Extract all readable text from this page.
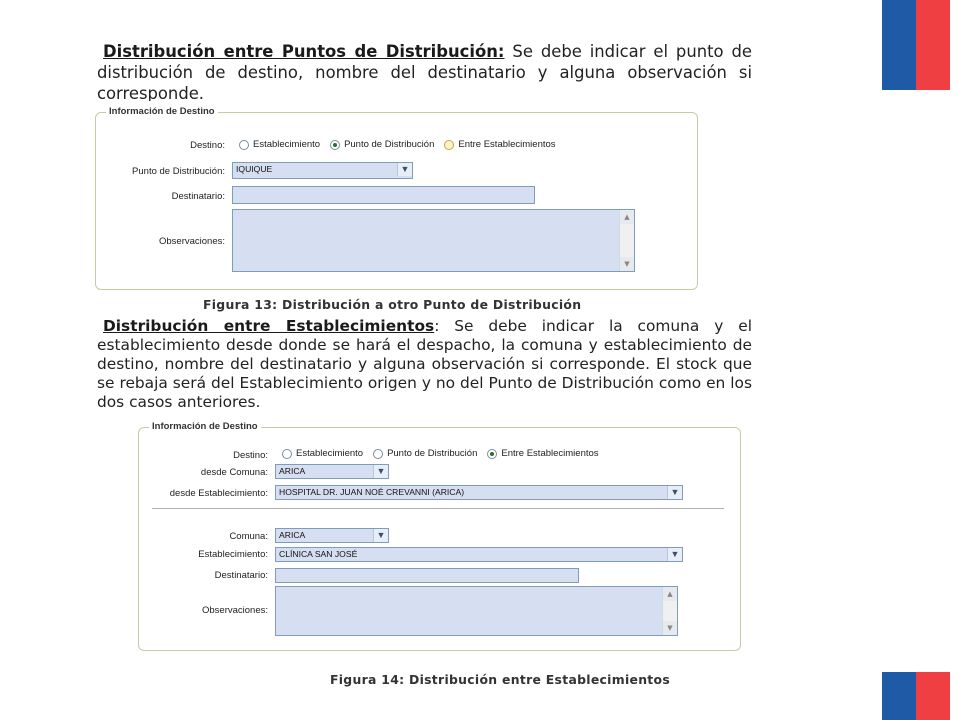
Distribución entre Puntos de Distribución: Se debe indicar el punto de distribución de destino, nombre del destinatario y alguna observación si corresponde.
Información de Destino
Destino:	Establecimiento	Punto de Distribución	Entre Establecimientos
Punto de Distribución:	IQUIQUE	▼
Destinatario:
Observaciones:
▲
▼
Figura 13: Distribución a otro Punto de Distribución
Distribución entre Establecimientos: Se debe indicar la comuna y el establecimiento desde donde se hará el despacho, la comuna y establecimiento de destino, nombre del destinatario y alguna observación si corresponde. El stock que se rebaja será del Establecimiento origen y no del Punto de Distribución como en los dos casos anteriores.
Información de Destino
Destino:	Establecimiento	Punto de Distribución	Entre Establecimientos
desde Comuna:	ARICA	▼
desde Establecimiento:	HOSPITAL DR. JUAN NOÉ CREVANNI (ARICA)	▼
Comuna:	ARICA	▼
Establecimiento:	CLÍNICA SAN JOSÉ	▼
Destinatario:
Observaciones:
▲
▼
Figura 14: Distribución entre Establecimientos
